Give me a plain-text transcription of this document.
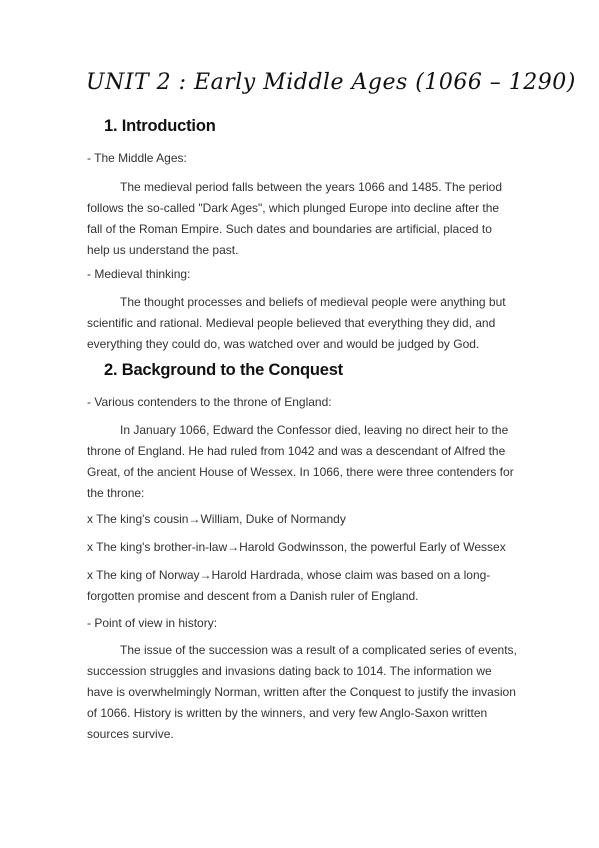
UNIT 2 : Early Middle Ages (1066 – 1290)
1. Introduction
- The Middle Ages:
The medieval period falls between the years 1066 and 1485. The period follows the so-called "Dark Ages", which plunged Europe into decline after the fall of the Roman Empire. Such dates and boundaries are artificial, placed to help us understand the past.
- Medieval thinking:
The thought processes and beliefs of medieval people were anything but scientific and rational. Medieval people believed that everything they did, and everything they could do, was watched over and would be judged by God.
2. Background to the Conquest
- Various contenders to the throne of England:
In January 1066, Edward the Confessor died, leaving no direct heir to the throne of England. He had ruled from 1042 and was a descendant of Alfred the Great, of the ancient House of Wessex. In 1066, there were three contenders for the throne:
x The king's cousin→William, Duke of Normandy
x The king's brother-in-law→Harold Godwinsson, the powerful Early of Wessex
x The king of Norway→Harold Hardrada, whose claim was based on a long-forgotten promise and descent from a Danish ruler of England.
- Point of view in history:
The issue of the succession was a result of a complicated series of events, succession struggles and invasions dating back to 1014. The information we have is overwhelmingly Norman, written after the Conquest to justify the invasion of 1066. History is written by the winners, and very few Anglo-Saxon written sources survive.
